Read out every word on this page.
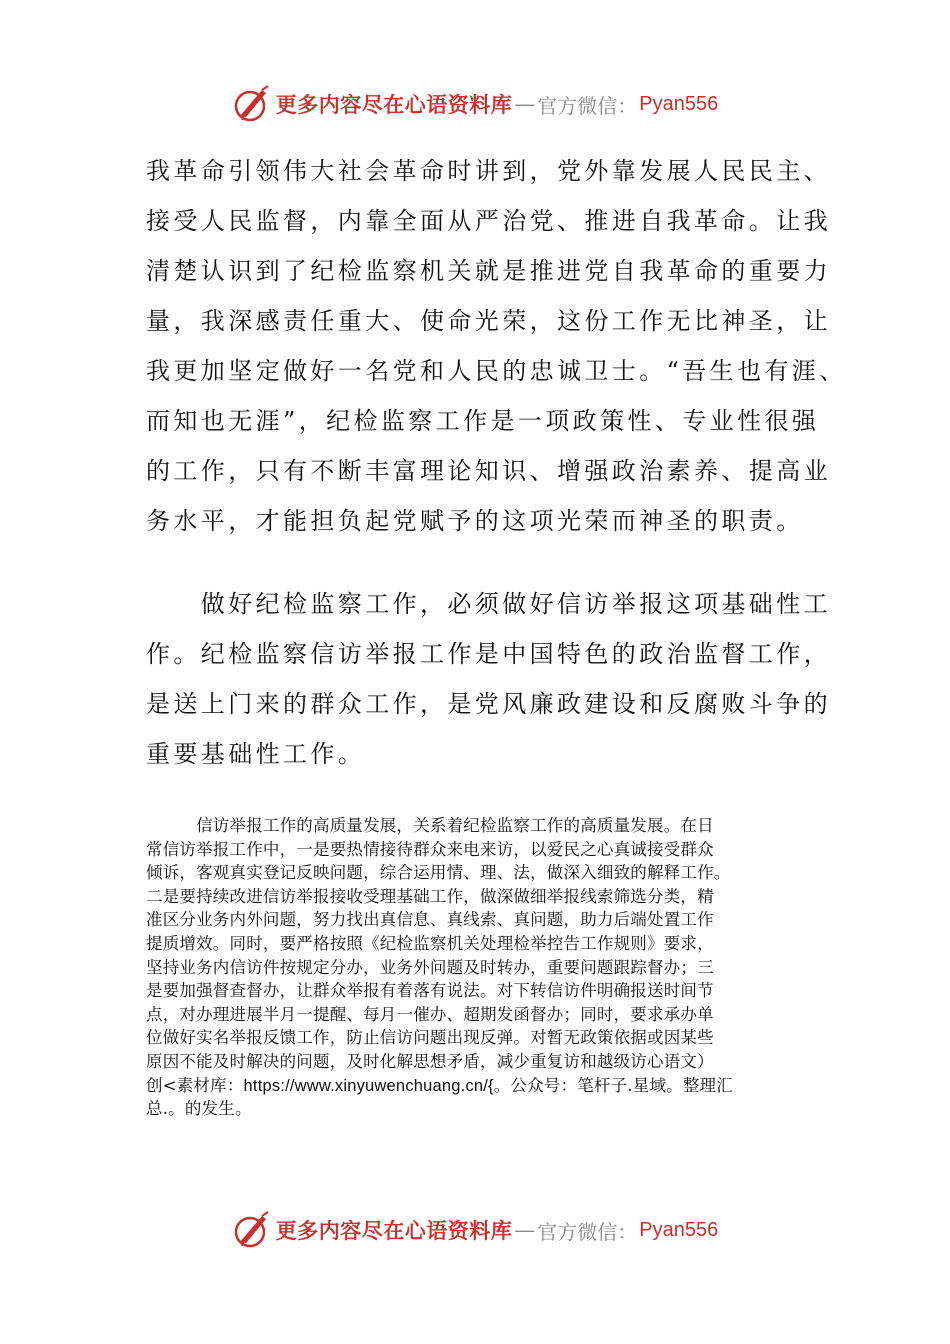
更多内容尽在心语资料库 — 官方微信： Pyan556
我革命引领伟大社会革命时讲到，党外靠发展人民民主、
接受人民监督，内靠全面从严治党、推进自我革命。让我
清楚认识到了纪检监察机关就是推进党自我革命的重要力
量，我深感责任重大、使命光荣，这份工作无比神圣，让
我更加坚定做好一名党和人民的忠诚卫士。“吾生也有涯、
而知也无涯”，纪检监察工作是一项政策性、专业性很强
的工作，只有不断丰富理论知识、增强政治素养、提高业
务水平，才能担负起党赋予的这项光荣而神圣的职责。
　　做好纪检监察工作，必须做好信访举报这项基础性工
作。纪检监察信访举报工作是中国特色的政治监督工作，
是送上门来的群众工作，是党风廉政建设和反腐败斗争的
重要基础性工作。
　　　信访举报工作的高质量发展，关系着纪检监察工作的高质量发展。在日
常信访举报工作中，一是要热情接待群众来电来访，以爱民之心真诚接受群众
倾诉，客观真实登记反映问题，综合运用情、理、法，做深入细致的解释工作。
二是要持续改进信访举报接收受理基础工作，做深做细举报线索筛选分类，精
准区分业务内外问题，努力找出真信息、真线索、真问题，助力后端处置工作
提质增效。同时，要严格按照《纪检监察机关处理检举控告工作规则》要求，
坚持业务内信访件按规定分办，业务外问题及时转办，重要问题跟踪督办；三
是要加强督查督办，让群众举报有着落有说法。对下转信访件明确报送时间节
点，对办理进展半月一提醒、每月一催办、超期发函督办；同时，要求承办单
位做好实名举报反馈工作，防止信访问题出现反弹。对暂无政策依据或因某些
原因不能及时解决的问题，及时化解思想矛盾，减少重复访和越级访心语文）
创<素材库：https://www.xinyuwenchuang.cn/{。公众号：笔杆子.星域。整理汇
总.。的发生。
更多内容尽在心语资料库 — 官方微信： Pyan556
